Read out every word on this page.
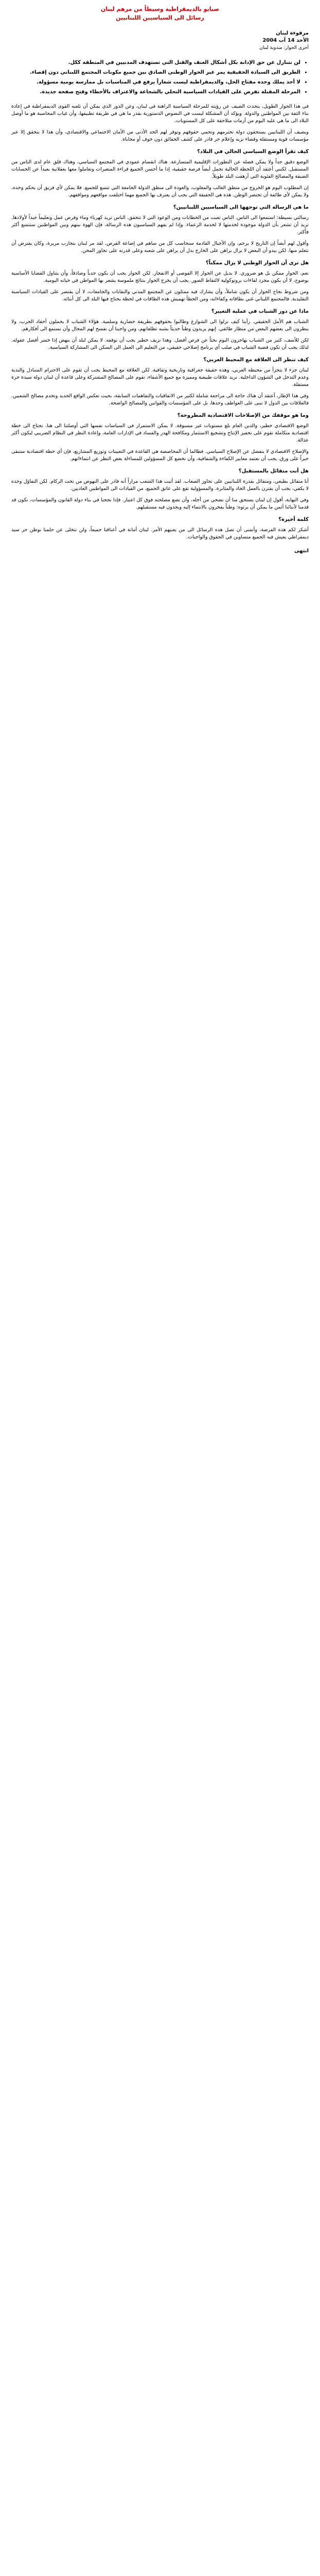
صبابو بالديمقراطية وسيطاً من مرهم لبنان
رسائل الى السياسيين اللبنانيين
مرفوءة لبنان
الأحد 14 آب 2004
أجرى الحوار: مندوبة لبنان
• لن نتنازل عن حق الإدانة بكل أشكال العنف والقتل التي تستهدف المدنيين في المنطقة ككل.
• الطريق الى السيادة الحقيقية يمر عبر الحوار الوطني الصادق بين جميع مكونات المجتمع اللبناني دون إقصاء.
• لا أحد يملك وحده مفتاح الحل، والديمقراطية ليست شعاراً يرفع في المناسبات بل ممارسة يومية مسؤولة.
• المرحلة المقبلة تفرض على القيادات السياسية التحلي بالشجاعة والاعتراف بالأخطاء وفتح صفحة جديدة.

في هذا الحوار الطويل، يتحدث الضيف عن رؤيته للمرحلة السياسية الراهنة في لبنان، وعن الدور الذي يمكن أن تلعبه القوى الديمقراطية في إعادة بناء الثقة بين المواطنين والدولة. ويؤكد أن المشكلة ليست في النصوص الدستورية بقدر ما هي في طريقة تطبيقها، وأن غياب المحاسبة هو ما أوصل البلاد الى ما هي عليه اليوم من أزمات متلاحقة على كل المستويات.

ويضيف أن اللبنانيين يستحقون دولة تحترمهم وتحمي حقوقهم وتوفر لهم الحد الأدنى من الأمان الاجتماعي والاقتصادي، وأن هذا لا يتحقق إلا عبر مؤسسات قوية ومستقلة وقضاء نزيه وإعلام حر قادر على كشف الحقائق دون خوف أو محاباة.

كيف تقرأ الوضع السياسي الحالي في البلاد؟

الوضع دقيق جداً ولا يمكن فصله عن التطورات الإقليمية المتسارعة. هناك انقسام عمودي في المجتمع السياسي، وهناك قلق عام لدى الناس من المستقبل. لكنني أعتقد أن اللحظة الحالية تحمل أيضاً فرصة حقيقية، إذا ما أحسن الجميع قراءة المتغيرات وتعاملوا معها بعقلانية بعيداً عن الحسابات الضيقة والمصالح الفئوية التي أرهقت البلد طويلاً.

إن المطلوب اليوم هو الخروج من منطق الغالب والمغلوب، والعودة الى منطق الدولة الجامعة التي تتسع للجميع. فلا يمكن لأي فريق أن يحكم وحده، ولا يمكن لأي طائفة أن تختصر الوطن. هذه هي الحقيقة التي يجب أن يعترف بها الجميع مهما اختلفت مواقعهم ومواقفهم.

ما هي الرسالة التي توجهها الى السياسيين اللبنانيين؟

رسالتي بسيطة: استمعوا الى الناس. الناس تعبت من الخطابات ومن الوعود التي لا تتحقق. الناس تريد كهرباء وماء وفرص عمل وتعليماً جيداً لأولادها. تريد أن تشعر بأن الدولة موجودة لخدمتها لا لخدمة الزعماء. وإذا لم يفهم السياسيون هذه الرسالة، فإن الهوة بينهم وبين المواطنين ستتسع أكثر فأكثر.

وأقول لهم أيضاً إن التاريخ لا يرحم، وإن الأجيال القادمة ستحاسب كل من ساهم في إضاعة الفرص. لقد مر لبنان بتجارب مريرة، وكان يفترض أن نتعلم منها. لكن يبدو أن البعض لا يزال يراهن على الخارج بدل أن يراهن على شعبه وعلى قدرته على تجاوز المحن.

هل ترى أن الحوار الوطني لا يزال ممكناً؟

نعم، الحوار ممكن بل هو ضروري. لا بديل عن الحوار إلا الفوضى أو الانفجار. لكن الحوار يجب أن يكون جدياً وصادقاً، وأن يتناول القضايا الأساسية بوضوح، لا أن يكون مجرد لقاءات بروتوكولية لالتقاط الصور. يجب أن يخرج الحوار بنتائج ملموسة يشعر بها المواطن في حياته اليومية.

ومن شروط نجاح الحوار أن يكون شاملاً، وأن يشارك فيه ممثلون عن المجتمع المدني والنقابات والجامعات، لا أن يقتصر على القيادات السياسية التقليدية. فالمجتمع اللبناني غني بطاقاته وكفاءاته، ومن الخطأ تهميش هذه الطاقات في لحظة يحتاج فيها البلد الى كل أبنائه.

ماذا عن دور الشباب في عملية التغيير؟

الشباب هم الأمل الحقيقي. رأينا كيف نزلوا الى الشوارع وطالبوا بحقوقهم بطريقة حضارية وسلمية. هؤلاء الشباب لا يحملون أحقاد الحرب، ولا ينظرون الى بعضهم البعض من منظار طائفي. إنهم يريدون وطناً حديثاً يشبه تطلعاتهم، ومن واجبنا أن نفسح لهم المجال وأن نستمع الى أفكارهم.

لكن للأسف، كثير من الشباب يهاجرون اليوم بحثاً عن فرص أفضل. وهذا نزيف خطير يجب أن نوقفه. لا يمكن لبلد أن ينهض إذا خسر أفضل عقوله. لذلك يجب أن تكون قضية الشباب في صلب أي برنامج إصلاحي حقيقي، من التعليم الى العمل الى السكن الى المشاركة السياسية.

كيف تنظر الى العلاقة مع المحيط العربي؟

لبنان جزء لا يتجزأ من محيطه العربي، وهذه حقيقة جغرافية وتاريخية وثقافية. لكن العلاقة مع المحيط يجب أن تقوم على الاحترام المتبادل والندية وعدم التدخل في الشؤون الداخلية. نريد علاقات طبيعية ومميزة مع جميع الأشقاء، تقوم على المصالح المشتركة وعلى قاعدة أن لبنان دولة سيدة حرة مستقلة.

وفي هذا الإطار، أعتقد أن هناك حاجة الى مراجعة شاملة لكثير من الاتفاقيات والتفاهمات السابقة، بحيث تعكس الواقع الجديد وتخدم مصالح الشعبين. فالعلاقات بين الدول لا تبنى على العواطف وحدها، بل على المؤسسات والقوانين والمصالح الواضحة.

وما هو موقفك من الإصلاحات الاقتصادية المطروحة؟

الوضع الاقتصادي خطير، والدين العام بلغ مستويات غير مسبوقة. لا يمكن الاستمرار في السياسات نفسها التي أوصلتنا الى هنا. نحتاج الى خطة اقتصادية متكاملة تقوم على تحفيز الإنتاج وتشجيع الاستثمار ومكافحة الهدر والفساد في الإدارات العامة، وإعادة النظر في النظام الضريبي ليكون أكثر عدالة.

والإصلاح الاقتصادي لا ينفصل عن الإصلاح السياسي. فطالما أن المحاصصة هي القاعدة في التعيينات وتوزيع المشاريع، فإن أي خطة اقتصادية ستبقى حبراً على ورق. يجب أن نعتمد معايير الكفاءة والشفافية، وأن نخضع كل المسؤولين للمساءلة بغض النظر عن انتماءاتهم.

هل أنت متفائل بالمستقبل؟

أنا متفائل بطبعي، ومتفائل بقدرة اللبنانيين على تجاوز الصعاب. لقد أثبت هذا الشعب مراراً أنه قادر على النهوض من تحت الركام. لكن التفاؤل وحده لا يكفي، يجب أن يقترن بالعمل الجاد والمثابرة. والمسؤولية تقع على عاتق الجميع، من القيادات الى المواطنين العاديين.

وفي النهاية، أقول إن لبنان يستحق منا أن نضحي من أجله، وأن نضع مصلحته فوق كل اعتبار. فإذا نجحنا في بناء دولة القانون والمؤسسات، نكون قد قدمنا لأبنائنا أثمن ما يمكن أن يرثوه: وطناً يفخرون بالانتماء إليه ويجدون فيه مستقبلهم.

كلمة أخيرة؟

أشكر لكم هذه الفرصة، وأتمنى أن تصل هذه الرسائل الى من يعنيهم الأمر. لبنان أمانة في أعناقنا جميعاً، ولن نتخلى عن حلمنا بوطن حر سيد ديمقراطي يعيش فيه الجميع متساوين في الحقوق والواجبات.

انتهى
